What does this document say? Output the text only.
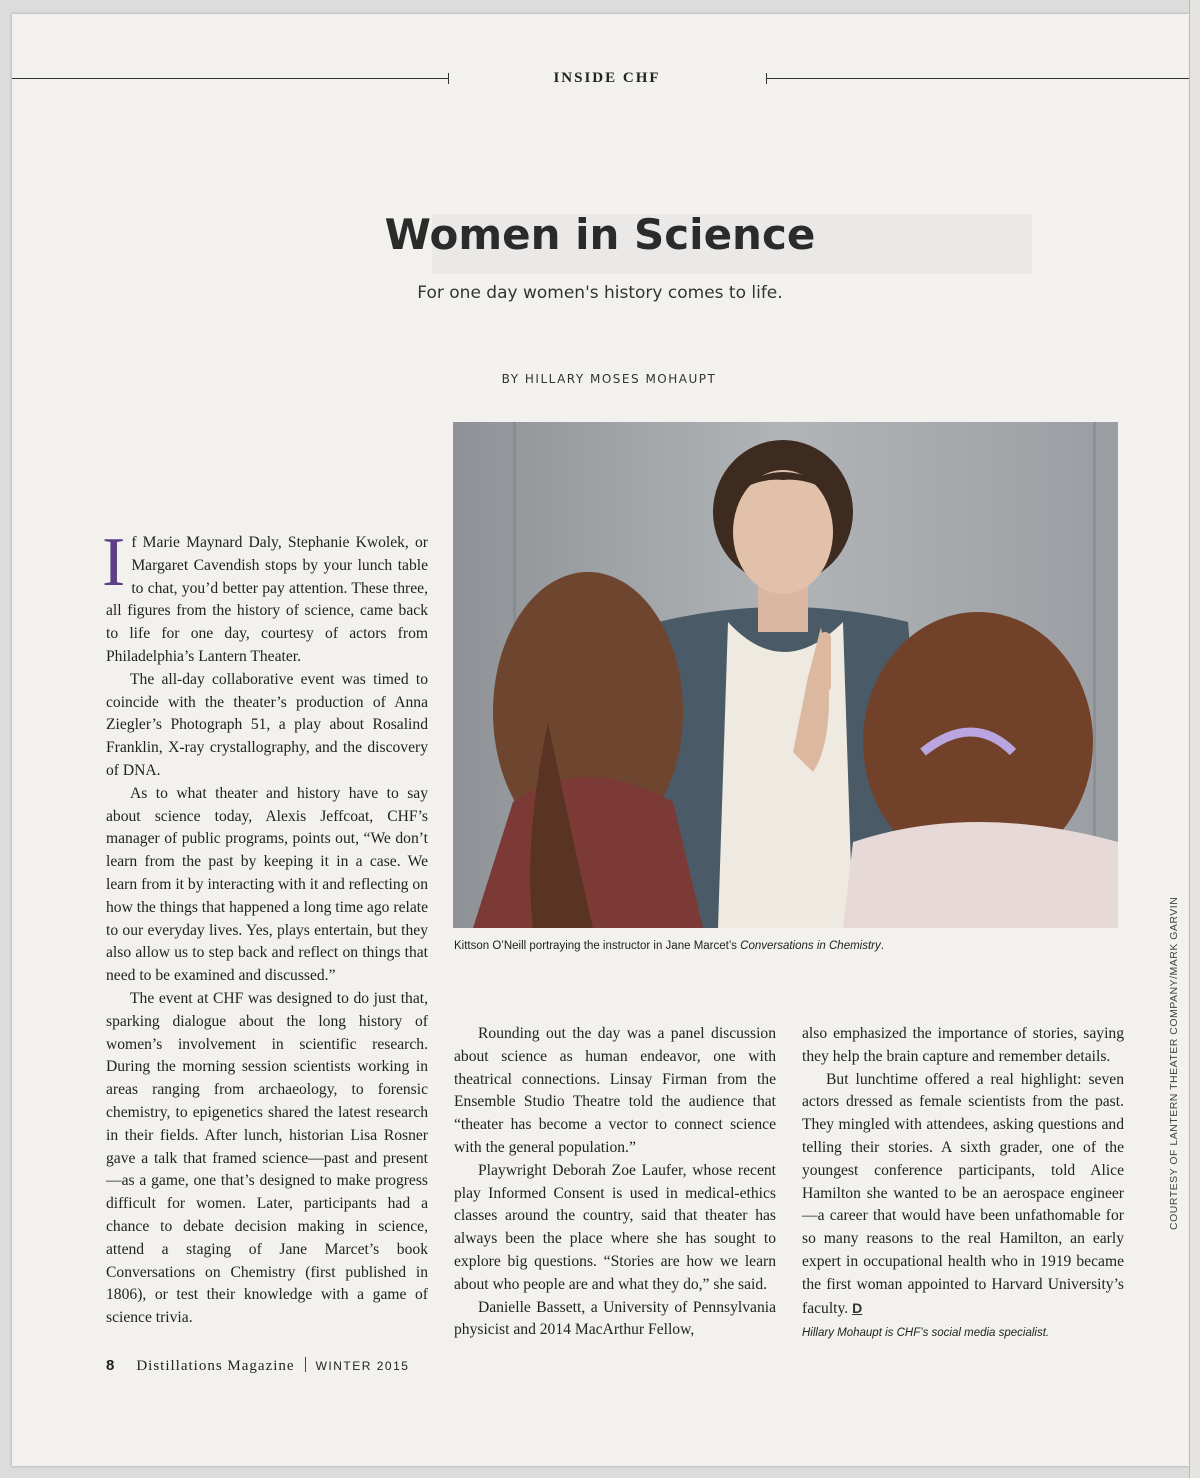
INSIDE CHF
Women in Science
For one day women's history comes to life.
BY HILLARY MOSES MOHAUPT

If Marie Maynard Daly, Stephanie Kwolek, or Margaret Cavendish stops by your lunch table to chat, you’d better pay attention. These three, all figures from the history of science, came back to life for one day, courtesy of actors from Philadelphia’s Lantern Theater.

The all-day collaborative event was timed to coincide with the theater’s production of Anna Ziegler’s Photograph 51, a play about Rosalind Franklin, X-ray crystallography, and the discovery of DNA.

As to what theater and history have to say about science today, Alexis Jeffcoat, CHF’s manager of public programs, points out, “We don’t learn from the past by keeping it in a case. We learn from it by interacting with it and reflecting on how the things that happened a long time ago relate to our everyday lives. Yes, plays entertain, but they also allow us to step back and reflect on things that need to be examined and discussed.”

The event at CHF was designed to do just that, sparking dialogue about the long history of women’s involvement in scientific research. During the morning session scientists working in areas ranging from archaeology, to forensic chemistry, to epigenetics shared the latest research in their fields. After lunch, historian Lisa Rosner gave a talk that framed science—past and present—as a game, one that’s designed to make progress difficult for women. Later, participants had a chance to debate decision making in science, attend a staging of Jane Marcet’s book Conversations on Chemistry (first published in 1806), or test their knowledge with a game of science trivia.

Kittson O’Neill portraying the instructor in Jane Marcet’s Conversations in Chemistry.

Rounding out the day was a panel discussion about science as human endeavor, one with theatrical connections. Linsay Firman from the Ensemble Studio Theatre told the audience that “theater has become a vector to connect science with the general population.”

Playwright Deborah Zoe Laufer, whose recent play Informed Consent is used in medical-ethics classes around the country, said that theater has always been the place where she has sought to explore big questions. “Stories are how we learn about who people are and what they do,” she said.

Danielle Bassett, a University of Pennsylvania physicist and 2014 MacArthur Fellow,

also emphasized the importance of stories, saying they help the brain capture and remember details.

But lunchtime offered a real highlight: seven actors dressed as female scientists from the past. They mingled with attendees, asking questions and telling their stories. A sixth grader, one of the youngest conference participants, told Alice Hamilton she wanted to be an aerospace engineer—a career that would have been unfathomable for so many reasons to the real Hamilton, an early expert in occupational health who in 1919 became the first woman appointed to Harvard University’s faculty. D

Hillary Mohaupt is CHF’s social media specialist.

COURTESY OF LANTERN THEATER COMPANY/MARK GARVIN
8 Distillations Magazine WINTER 2015
